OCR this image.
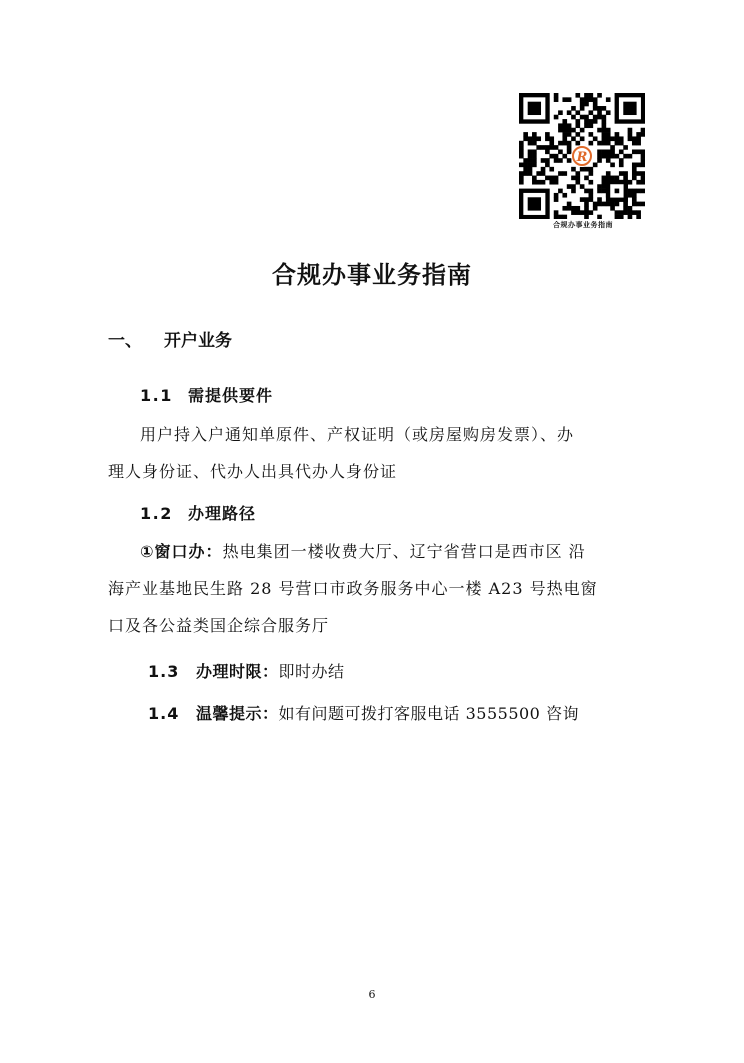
R
合规办事业务指南
合规办事业务指南
一、 开户业务
1.1 需提供要件
用户持入户通知单原件、产权证明（或房屋购房发票）、办
理人身份证、代办人出具代办人身份证
1.2 办理路径
①窗口办：热电集团一楼收费大厅、辽宁省营口是西市区 沿
海产业基地民生路 28 号营口市政务服务中心一楼 A23 号热电窗
口及各公益类国企综合服务厅
1.3 办理时限：即时办结
1.4 温馨提示：如有问题可拨打客服电话 3555500 咨询
6
